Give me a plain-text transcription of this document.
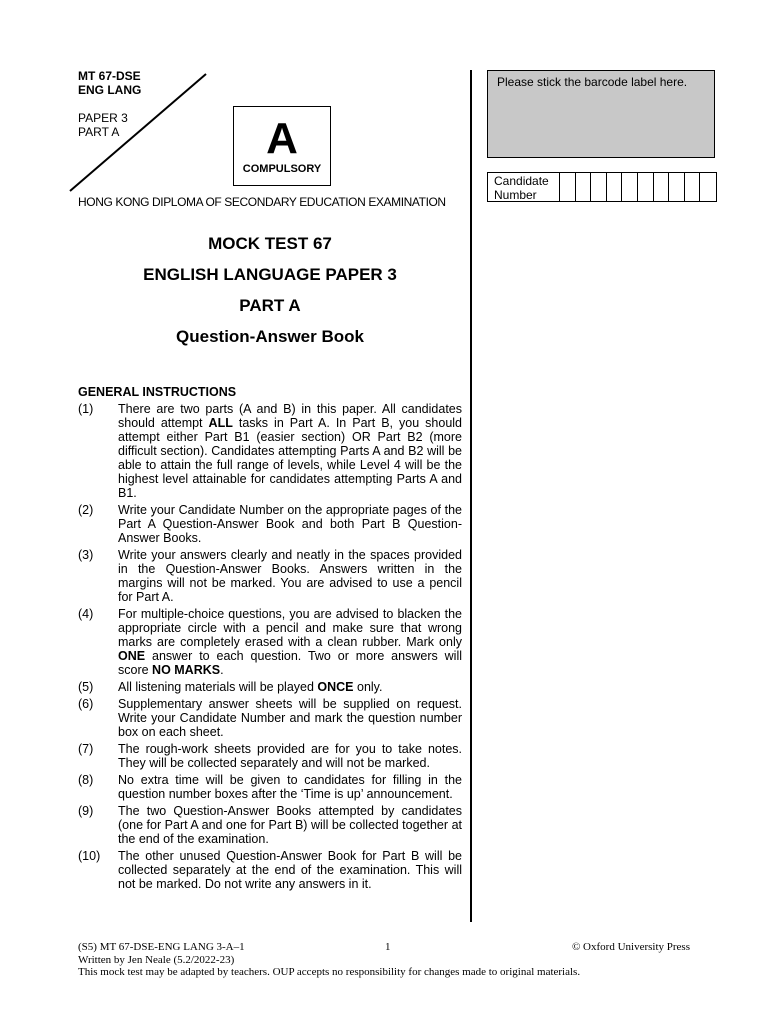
MT 67-DSE
ENG LANG
PAPER 3
PART A	A
COMPULSORY
HONG KONG DIPLOMA OF SECONDARY EDUCATION EXAMINATION
MOCK TEST 67
ENGLISH LANGUAGE PAPER 3
PART A
Question-Answer Book
Please stick the barcode label here.
Candidate
Number
GENERAL INSTRUCTIONS
(1)	There are two parts (A and B) in this paper. All candidates should attempt ALL tasks in Part A. In Part B, you should attempt either Part B1 (easier section) OR Part B2 (more difficult section). Candidates attempting Parts A and B2 will be able to attain the full range of levels, while Level 4 will be the highest level attainable for candidates attempting Parts A and B1.
(2)	Write your Candidate Number on the appropriate pages of the Part A Question-Answer Book and both Part B Question-Answer Books.
(3)	Write your answers clearly and neatly in the spaces provided in the Question-Answer Books. Answers written in the margins will not be marked. You are advised to use a pencil for Part A.
(4)	For multiple-choice questions, you are advised to blacken the appropriate circle with a pencil and make sure that wrong marks are completely erased with a clean rubber. Mark only ONE answer to each question. Two or more answers will score NO MARKS.
(5)	All listening materials will be played ONCE only.
(6)	Supplementary answer sheets will be supplied on request. Write your Candidate Number and mark the question number box on each sheet.
(7)	The rough-work sheets provided are for you to take notes. They will be collected separately and will not be marked.
(8)	No extra time will be given to candidates for filling in the question number boxes after the ‘Time is up’ announcement.
(9)	The two Question-Answer Books attempted by candidates (one for Part A and one for Part B) will be collected together at the end of the examination.
(10)	The other unused Question-Answer Book for Part B will be collected separately at the end of the examination. This will not be marked. Do not write any answers in it.
(S5) MT 67-DSE-ENG LANG 3-A–1	1	© Oxford University Press
Written by Jen Neale (5.2/2022-23)
This mock test may be adapted by teachers. OUP accepts no responsibility for changes made to original materials.
